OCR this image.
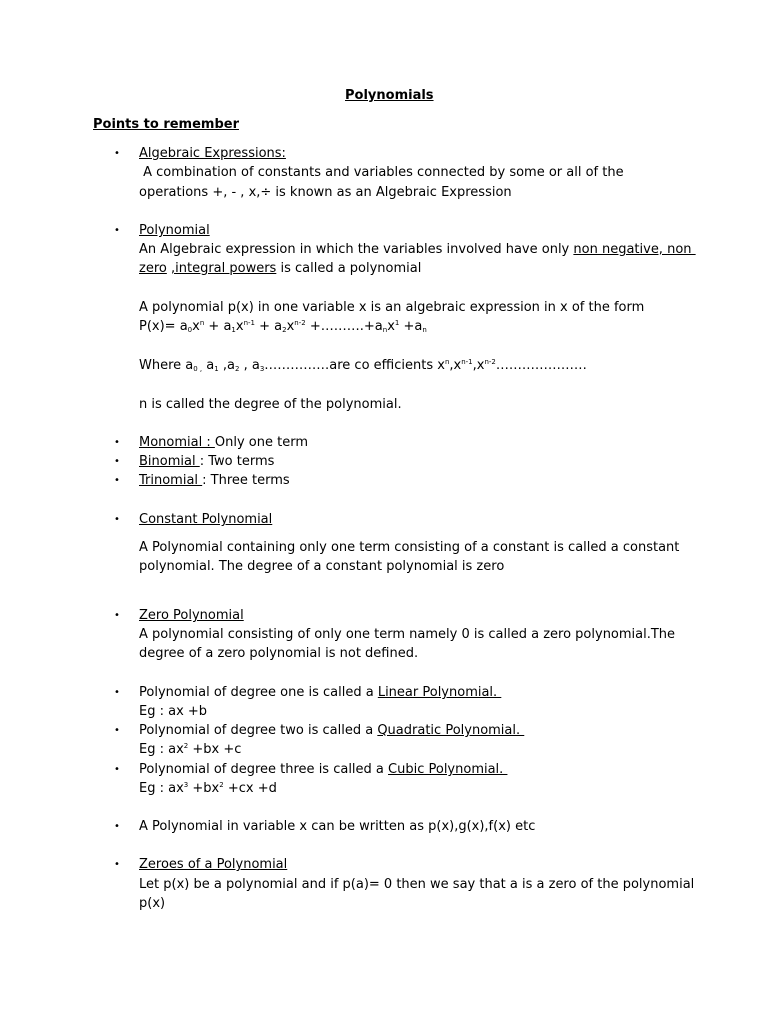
Polynomials
Points to remember
• Algebraic Expressions:
A combination of constants and variables connected by some or all of the
operations +, - , x,÷ is known as an Algebraic Expression
• Polynomial
An Algebraic expression in which the variables involved have only non negative, non
zero ,integral powers is called a polynomial
A polynomial p(x) in one variable x is an algebraic expression in x of the form
$P(x)= a_0x^n + a_1x^{n-1} + a_2x^{n-2}$ $+\dots\dots\dots.+a_nx^1 +a_n$
Where $a_{0 ,}$ $a_1$ $,a_2$ , $a_3\dots\dots\dots\dots\dots are$ co efficients $x^n,x^{n-1},x^{n-2}\dots\dots\dots\dots\dots\dots\dots$
n is called the degree of the polynomial.
• Monomial : Only one term
• Binomial : Two terms
• Trinomial : Three terms
• Constant Polynomial
A Polynomial containing only one term consisting of a constant is called a constant
polynomial. The degree of a constant polynomial is zero
• Zero Polynomial
A polynomial consisting of only one term namely 0 is called a zero polynomial.The
degree of a zero polynomial is not defined.
• Polynomial of degree one is called a Linear Polynomial.
Eg : ax +b
• Polynomial of degree two is called a Quadratic Polynomial.
Eg : $ax^2 +bx +c$
• Polynomial of degree three is called a Cubic Polynomial.
Eg : $ax^3 +bx^2 +cx +d$
• A Polynomial in variable x can be written as p(x),g(x),f(x) etc
• Zeroes of a Polynomial
Let p(x) be a polynomial and if p(a)= 0 then we say that a is a zero of the polynomial
p(x)
